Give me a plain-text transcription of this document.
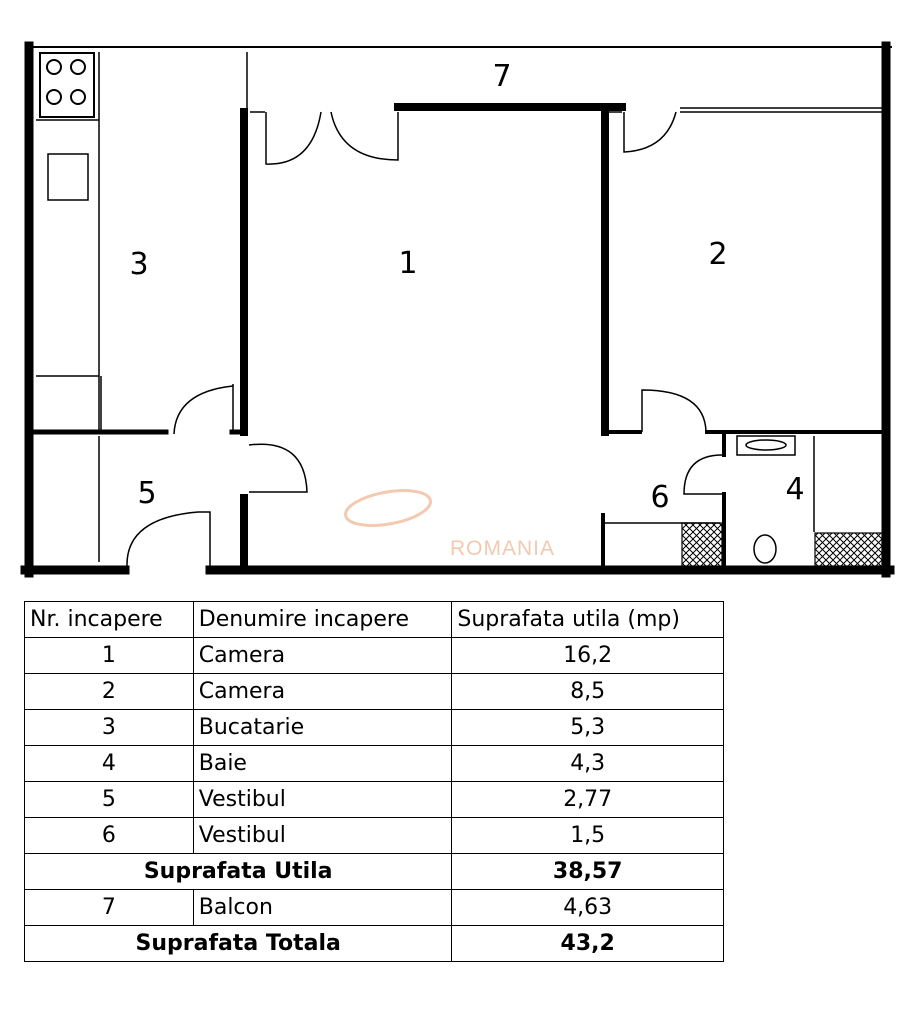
ROMANIA
1	2
3
4
5	6
7
Nr. incapere	Denumire incapere	Suprafata utila (mp)
1	Camera	16,2
2	Camera	8,5
3	Bucatarie	5,3
4	Baie	4,3
5	Vestibul	2,77
6	Vestibul	1,5
Suprafata Utila		38,57
7	Balcon	4,63
Suprafata Totala		43,2
